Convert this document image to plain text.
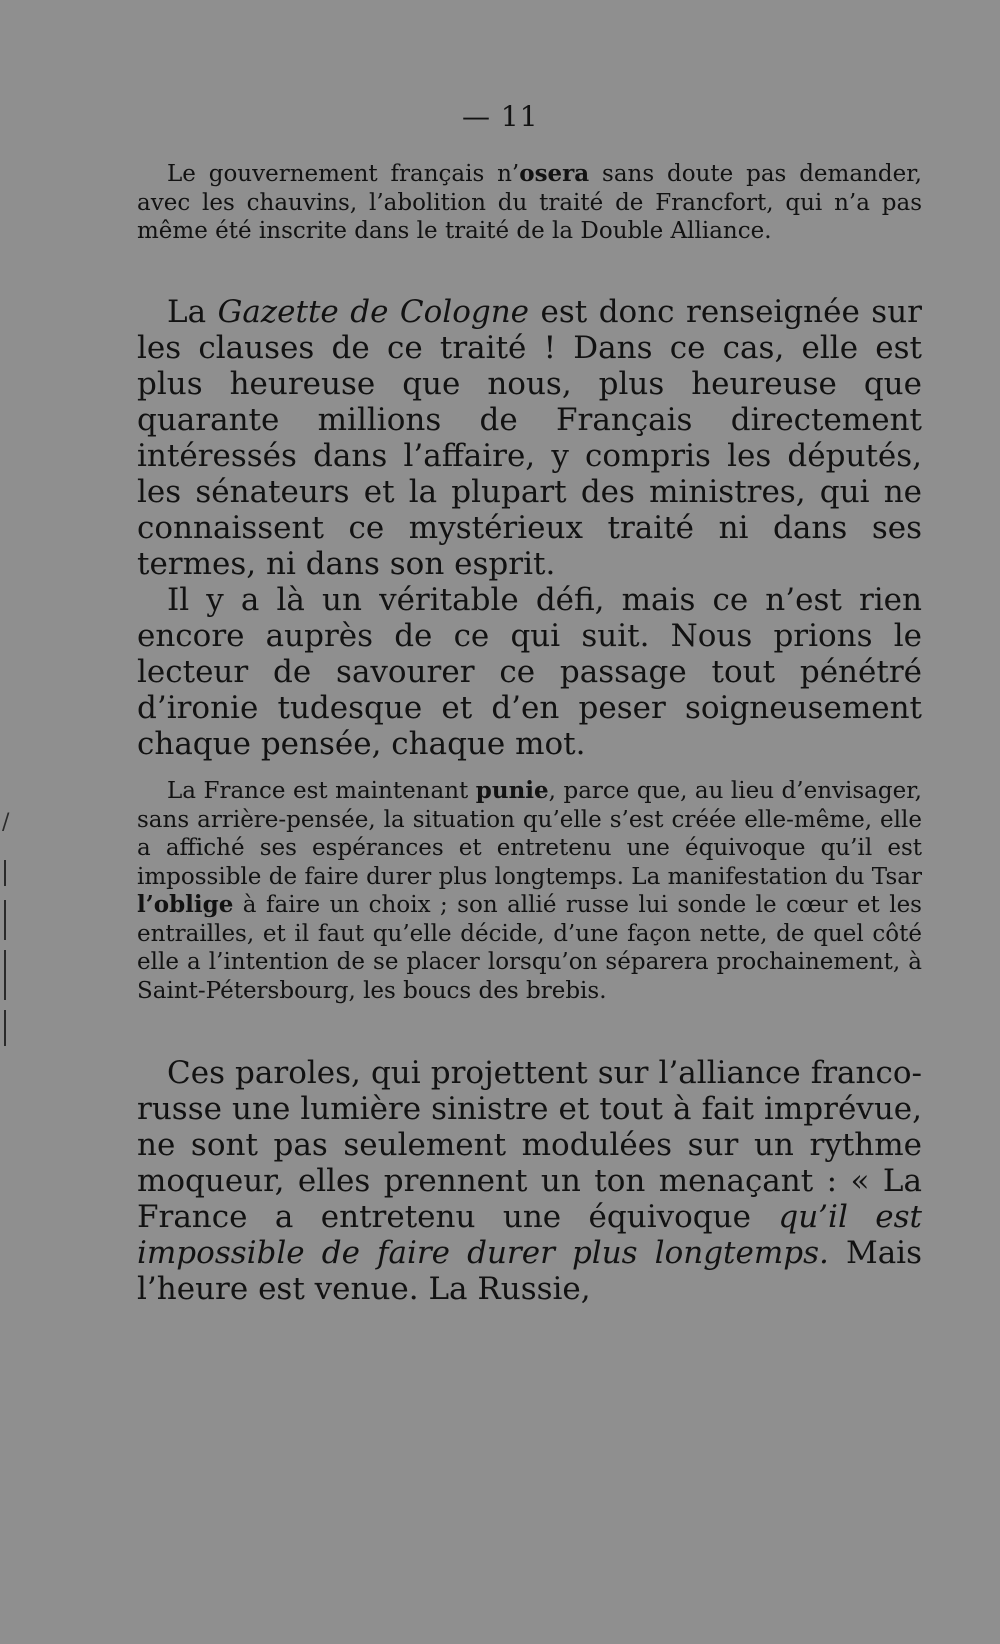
— 11

Le gouvernement français n’osera sans doute pas demander, avec les chauvins, l’abolition du traité de Francfort, qui n’a pas même été inscrite dans le traité de la Double Alliance.

La Gazette de Cologne est donc renseignée sur les clauses de ce traité ! Dans ce cas, elle est plus heureuse que nous, plus heureuse que quarante millions de Français directement intéressés dans l’affaire, y compris les députés, les sénateurs et la plupart des ministres, qui ne connaissent ce mystérieux traité ni dans ses termes, ni dans son esprit.

Il y a là un véritable défi, mais ce n’est rien encore auprès de ce qui suit. Nous prions le lecteur de savourer ce passage tout pénétré d’ironie tudesque et d’en peser soigneusement chaque pensée, chaque mot.

La France est maintenant punie, parce que, au lieu d’envisager, sans arrière-pensée, la situation qu’elle s’est créée elle-même, elle a affiché ses espérances et entretenu une équivoque qu’il est impossible de faire durer plus longtemps. La manifestation du Tsar l’oblige à faire un choix ; son allié russe lui sonde le cœur et les entrailles, et il faut qu’elle décide, d’une façon nette, de quel côté elle a l’intention de se placer lorsqu’on séparera prochainement, à Saint-Pétersbourg, les boucs des brebis.

Ces paroles, qui projettent sur l’alliance franco-russe une lumière sinistre et tout à fait imprévue, ne sont pas seulement modulées sur un rythme moqueur, elles prennent un ton menaçant : « La France a entretenu une équivoque qu’il est impossible de faire durer plus longtemps. Mais l’heure est venue. La Russie,

/
